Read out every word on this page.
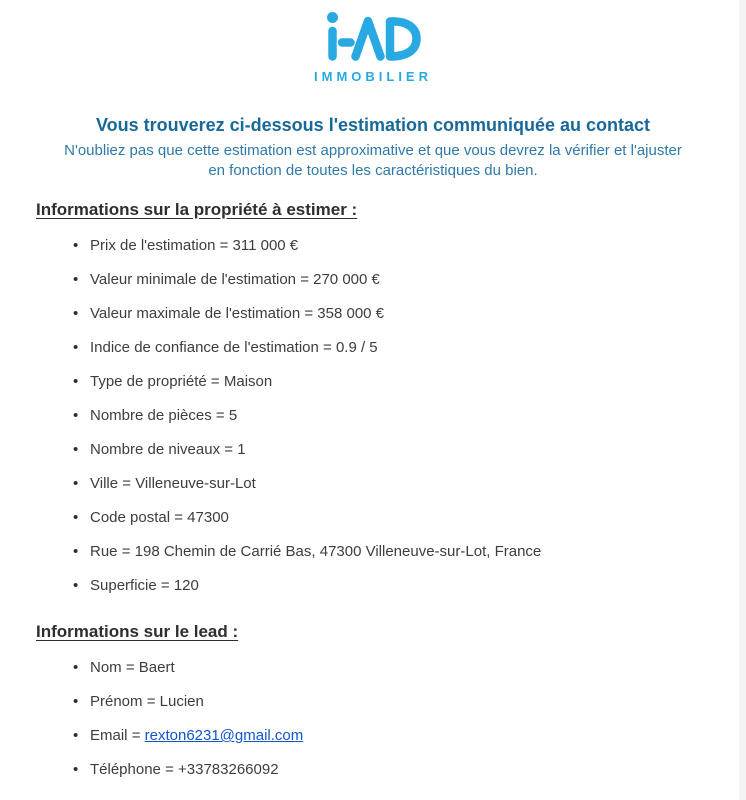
IMMOBILIER
Vous trouverez ci-dessous l'estimation communiquée au contact
N'oubliez pas que cette estimation est approximative et que vous devrez la vérifier et l'ajuster
en fonction de toutes les caractéristiques du bien.
Informations sur la propriété à estimer :
• Prix de l'estimation = 311 000 €
• Valeur minimale de l'estimation = 270 000 €
• Valeur maximale de l'estimation = 358 000 €
• Indice de confiance de l'estimation = 0.9 / 5
• Type de propriété = Maison
• Nombre de pièces = 5
• Nombre de niveaux = 1
• Ville = Villeneuve-sur-Lot
• Code postal = 47300
• Rue = 198 Chemin de Carrié Bas, 47300 Villeneuve-sur-Lot, France
• Superficie = 120
Informations sur le lead :
• Nom = Baert
• Prénom = Lucien
• Email = rexton6231@gmail.com
• Téléphone = +33783266092
